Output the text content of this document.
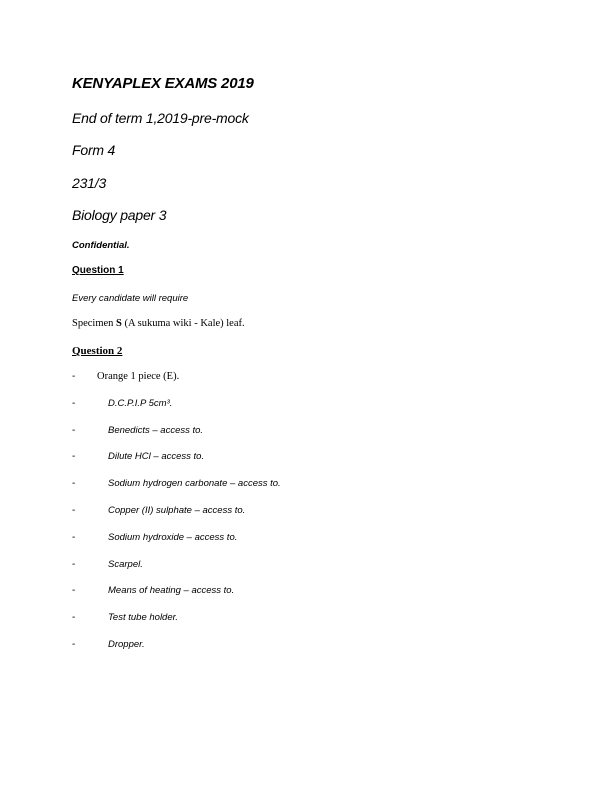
KENYAPLEX EXAMS 2019
End of term 1,2019-pre-mock
Form 4
231/3
Biology paper 3
Confidential.
Question 1
Every candidate will require
Specimen S (A sukuma wiki - Kale) leaf.
Question 2
- Orange 1 piece (E).
-	D.C.P.I.P 5cm³.
-	Benedicts – access to.
-	Dilute HCl – access to.
-	Sodium hydrogen carbonate – access to.
-	Copper (II) sulphate – access to.
-	Sodium hydroxide – access to.
-	Scarpel.
-	Means of heating – access to.
-	Test tube holder.
-	Dropper.
